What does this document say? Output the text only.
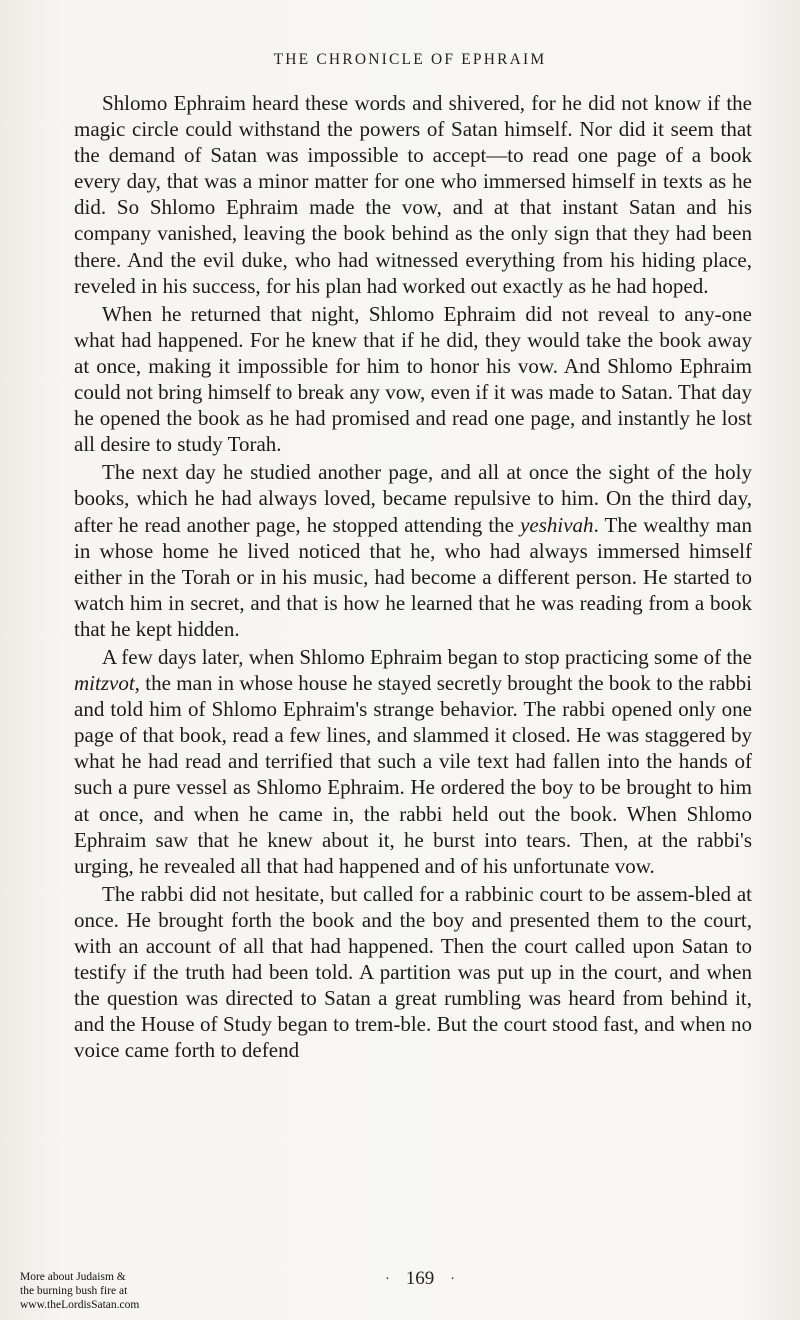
THE CHRONICLE OF EPHRAIM

Shlomo Ephraim heard these words and shivered, for he did not know if the magic circle could withstand the powers of Satan himself. Nor did it seem that the demand of Satan was impossible to accept—to read one page of a book every day, that was a minor matter for one who immersed himself in texts as he did. So Shlomo Ephraim made the vow, and at that instant Satan and his company vanished, leaving the book behind as the only sign that they had been there. And the evil duke, who had witnessed everything from his hiding place, reveled in his success, for his plan had worked out exactly as he had hoped.

When he returned that night, Shlomo Ephraim did not reveal to any-one what had happened. For he knew that if he did, they would take the book away at once, making it impossible for him to honor his vow. And Shlomo Ephraim could not bring himself to break any vow, even if it was made to Satan. That day he opened the book as he had promised and read one page, and instantly he lost all desire to study Torah.

The next day he studied another page, and all at once the sight of the holy books, which he had always loved, became repulsive to him. On the third day, after he read another page, he stopped attending the yeshivah. The wealthy man in whose home he lived noticed that he, who had always immersed himself either in the Torah or in his music, had become a different person. He started to watch him in secret, and that is how he learned that he was reading from a book that he kept hidden.

A few days later, when Shlomo Ephraim began to stop practicing some of the mitzvot, the man in whose house he stayed secretly brought the book to the rabbi and told him of Shlomo Ephraim's strange behavior. The rabbi opened only one page of that book, read a few lines, and slammed it closed. He was staggered by what he had read and terrified that such a vile text had fallen into the hands of such a pure vessel as Shlomo Ephraim. He ordered the boy to be brought to him at once, and when he came in, the rabbi held out the book. When Shlomo Ephraim saw that he knew about it, he burst into tears. Then, at the rabbi's urging, he revealed all that had happened and of his unfortunate vow.

The rabbi did not hesitate, but called for a rabbinic court to be assem-bled at once. He brought forth the book and the boy and presented them to the court, with an account of all that had happened. Then the court called upon Satan to testify if the truth had been told. A partition was put up in the court, and when the question was directed to Satan a great rumbling was heard from behind it, and the House of Study began to trem-ble. But the court stood fast, and when no voice came forth to defend

· 169 ·
More about Judaism &
the burning bush fire at
www.theLordisSatan.com
